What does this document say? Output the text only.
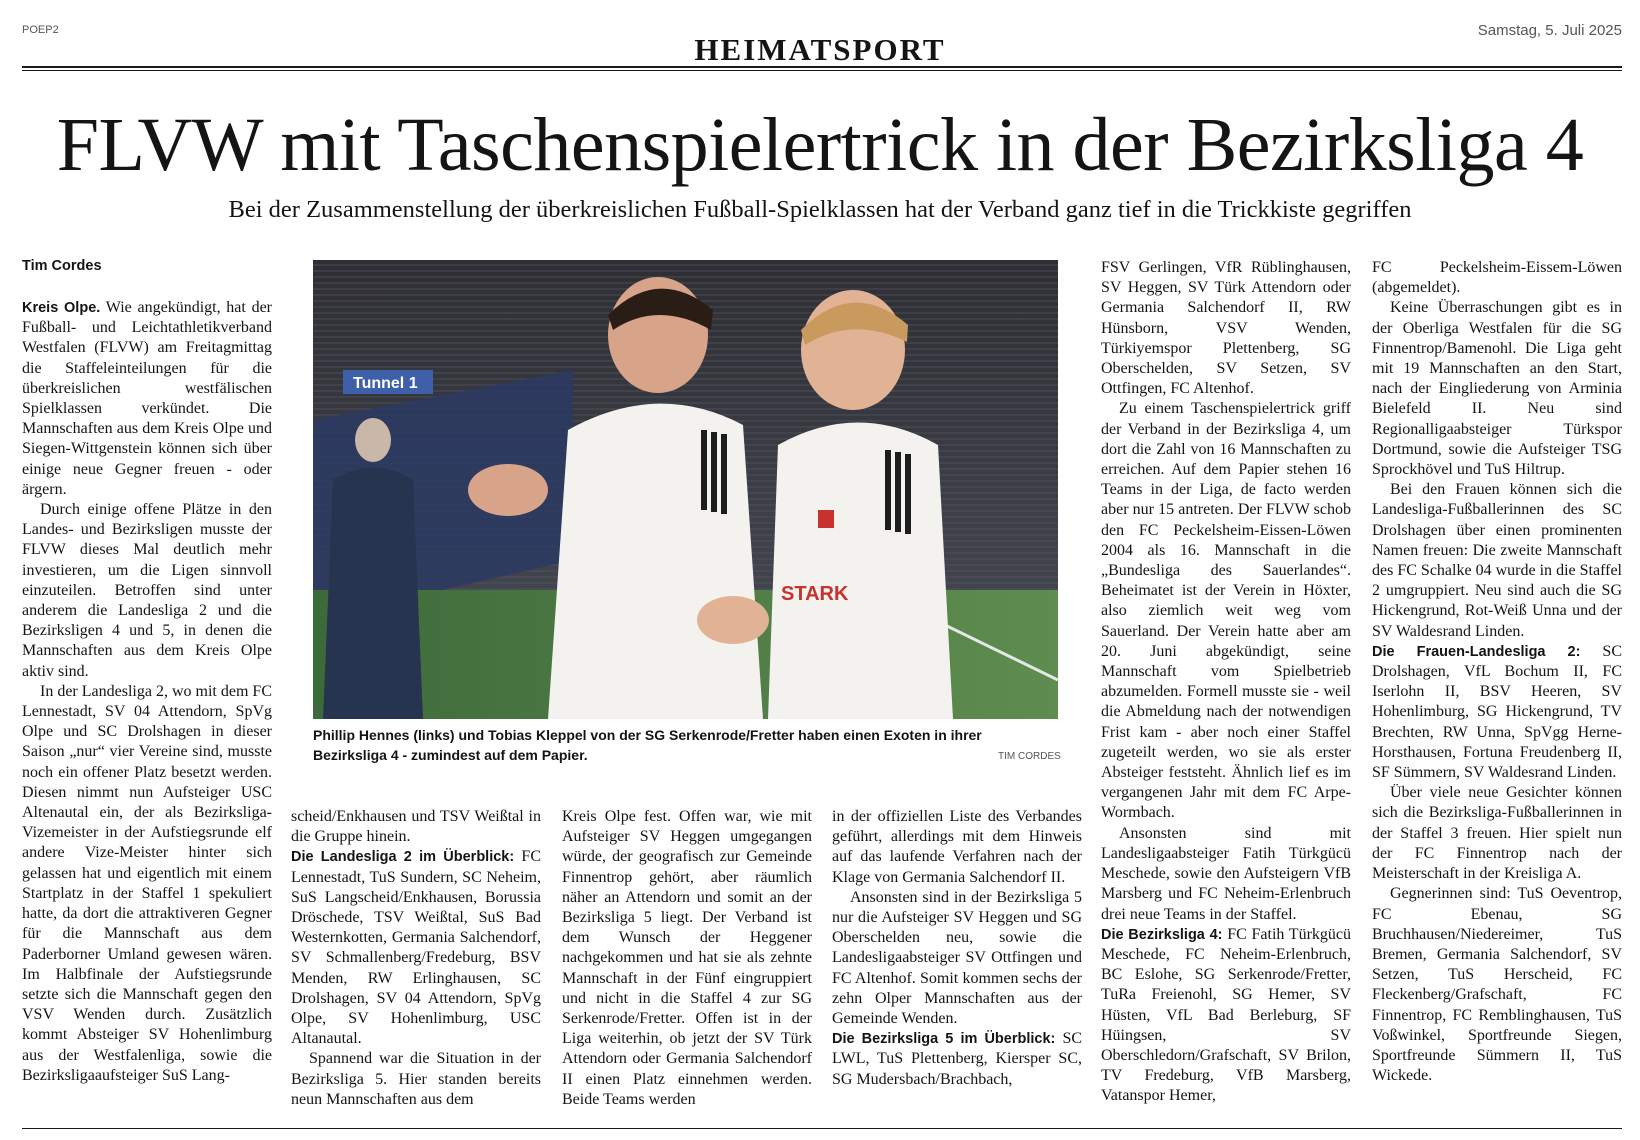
POEP2
HEIMATSPORT
Samstag, 5. Juli 2025
FLVW mit Taschenspielertrick in der Bezirksliga 4
Bei der Zusammenstellung der überkreislichen Fußball-Spielklassen hat der Verband ganz tief in die Trickkiste gegriffen
Tim Cordes

Kreis Olpe. Wie angekündigt, hat der Fußball- und Leichtathletikverband Westfalen (FLVW) am Freitagmittag die Staffeleinteilungen für die überkreislichen westfälischen Spielklassen verkündet. Die Mannschaften aus dem Kreis Olpe und Siegen-Wittgenstein können sich über einige neue Gegner freuen - oder ärgern.

Durch einige offene Plätze in den Landes- und Bezirksligen musste der FLVW dieses Mal deutlich mehr investieren, um die Ligen sinnvoll einzuteilen. Betroffen sind unter anderem die Landesliga 2 und die Bezirksligen 4 und 5, in denen die Mannschaften aus dem Kreis Olpe aktiv sind.

In der Landesliga 2, wo mit dem FC Lennestadt, SV 04 Attendorn, SpVg Olpe und SC Drolshagen in dieser Saison „nur“ vier Vereine sind, musste noch ein offener Platz besetzt werden. Diesen nimmt nun Aufsteiger USC Altenautal ein, der als Bezirksliga-Vizemeister in der Aufstiegsrunde elf andere Vize-Meister hinter sich gelassen hat und eigentlich mit einem Startplatz in der Staffel 1 spekuliert hatte, da dort die attraktiveren Gegner für die Mannschaft aus dem Paderborner Umland gewesen wären. Im Halbfinale der Aufstiegsrunde setzte sich die Mannschaft gegen den VSV Wenden durch. Zusätzlich kommt Absteiger SV Hohenlimburg aus der Westfalenliga, sowie die Bezirksligaaufsteiger SuS Lang-

Tunnel 1
STARK
Phillip Hennes (links) und Tobias Kleppel von der SG Serkenrode/Fretter haben einen Exoten in ihrer Bezirksliga 4 - zumindest auf dem Papier.	TIM CORDES

scheid/Enkhausen und TSV Weißtal in die Gruppe hinein.

Die Landesliga 2 im Überblick: FC Lennestadt, TuS Sundern, SC Neheim, SuS Langscheid/Enkhausen, Borussia Dröschede, TSV Weißtal, SuS Bad Westernkotten, Germania Salchendorf, SV Schmallenberg/Fredeburg, BSV Menden, RW Erlinghausen, SC Drolshagen, SV 04 Attendorn, SpVg Olpe, SV Hohenlimburg, USC Altanautal.

Spannend war die Situation in der Bezirksliga 5. Hier standen bereits neun Mannschaften aus dem

Kreis Olpe fest. Offen war, wie mit Aufsteiger SV Heggen umgegangen würde, der geografisch zur Gemeinde Finnentrop gehört, aber räumlich näher an Attendorn und somit an der Bezirksliga 5 liegt. Der Verband ist dem Wunsch der Heggener nachgekommen und hat sie als zehnte Mannschaft in der Fünf eingruppiert und nicht in die Staffel 4 zur SG Serkenrode/Fretter. Offen ist in der Liga weiterhin, ob jetzt der SV Türk Attendorn oder Germania Salchendorf II einen Platz einnehmen werden. Beide Teams werden

in der offiziellen Liste des Verbandes geführt, allerdings mit dem Hinweis auf das laufende Verfahren nach der Klage von Germania Salchendorf II.

Ansonsten sind in der Bezirksliga 5 nur die Aufsteiger SV Heggen und SG Oberschelden neu, sowie die Landesligaabsteiger SV Ottfingen und FC Altenhof. Somit kommen sechs der zehn Olper Mannschaften aus der Gemeinde Wenden.

Die Bezirksliga 5 im Überblick: SC LWL, TuS Plettenberg, Kiersper SC, SG Mudersbach/Brachbach,

FSV Gerlingen, VfR Rüblinghausen, SV Heggen, SV Türk Attendorn oder Germania Salchendorf II, RW Hünsborn, VSV Wenden, Türkiyemspor Plettenberg, SG Oberschelden, SV Setzen, SV Ottfingen, FC Altenhof.

Zu einem Taschenspielertrick griff der Verband in der Bezirksliga 4, um dort die Zahl von 16 Mannschaften zu erreichen. Auf dem Papier stehen 16 Teams in der Liga, de facto werden aber nur 15 antreten. Der FLVW schob den FC Peckelsheim-Eissen-Löwen 2004 als 16. Mannschaft in die „Bundesliga des Sauerlandes“. Beheimatet ist der Verein in Höxter, also ziemlich weit weg vom Sauerland. Der Verein hatte aber am 20. Juni abgekündigt, seine Mannschaft vom Spielbetrieb abzumelden. Formell musste sie - weil die Abmeldung nach der notwendigen Frist kam - aber noch einer Staffel zugeteilt werden, wo sie als erster Absteiger feststeht. Ähnlich lief es im vergangenen Jahr mit dem FC Arpe-Wormbach.

Ansonsten sind mit Landesligaabsteiger Fatih Türkgücü Meschede, sowie den Aufsteigern VfB Marsberg und FC Neheim-Erlenbruch drei neue Teams in der Staffel.

Die Bezirksliga 4: FC Fatih Türkgücü Meschede, FC Neheim-Erlenbruch, BC Eslohe, SG Serkenrode/Fretter, TuRa Freienohl, SG Hemer, SV Hüsten, VfL Bad Berleburg, SF Hüingsen, SV Oberschledorn/Grafschaft, SV Brilon, TV Fredeburg, VfB Marsberg, Vatanspor Hemer,

FC Peckelsheim-Eissem-Löwen (abgemeldet).

Keine Überraschungen gibt es in der Oberliga Westfalen für die SG Finnentrop/Bamenohl. Die Liga geht mit 19 Mannschaften an den Start, nach der Eingliederung von Arminia Bielefeld II. Neu sind Regionalligaabsteiger Türkspor Dortmund, sowie die Aufsteiger TSG Sprockhövel und TuS Hiltrup.

Bei den Frauen können sich die Landesliga-Fußballerinnen des SC Drolshagen über einen prominenten Namen freuen: Die zweite Mannschaft des FC Schalke 04 wurde in die Staffel 2 umgruppiert. Neu sind auch die SG Hickengrund, Rot-Weiß Unna und der SV Waldesrand Linden.

Die Frauen-Landesliga 2: SC Drolshagen, VfL Bochum II, FC Iserlohn II, BSV Heeren, SV Hohenlimburg, SG Hickengrund, TV Brechten, RW Unna, SpVgg Herne-Horsthausen, Fortuna Freudenberg II, SF Sümmern, SV Waldesrand Linden.

Über viele neue Gesichter können sich die Bezirksliga-Fußballerinnen in der Staffel 3 freuen. Hier spielt nun der FC Finnentrop nach der Meisterschaft in der Kreisliga A.

Gegnerinnen sind: TuS Oeventrop, FC Ebenau, SG Bruchhausen/Niedereimer, TuS Bremen, Germania Salchendorf, SV Setzen, TuS Herscheid, FC Fleckenberg/Grafschaft, FC Finnentrop, FC Remblinghausen, TuS Voßwinkel, Sportfreunde Siegen, Sportfreunde Sümmern II, TuS Wickede.
